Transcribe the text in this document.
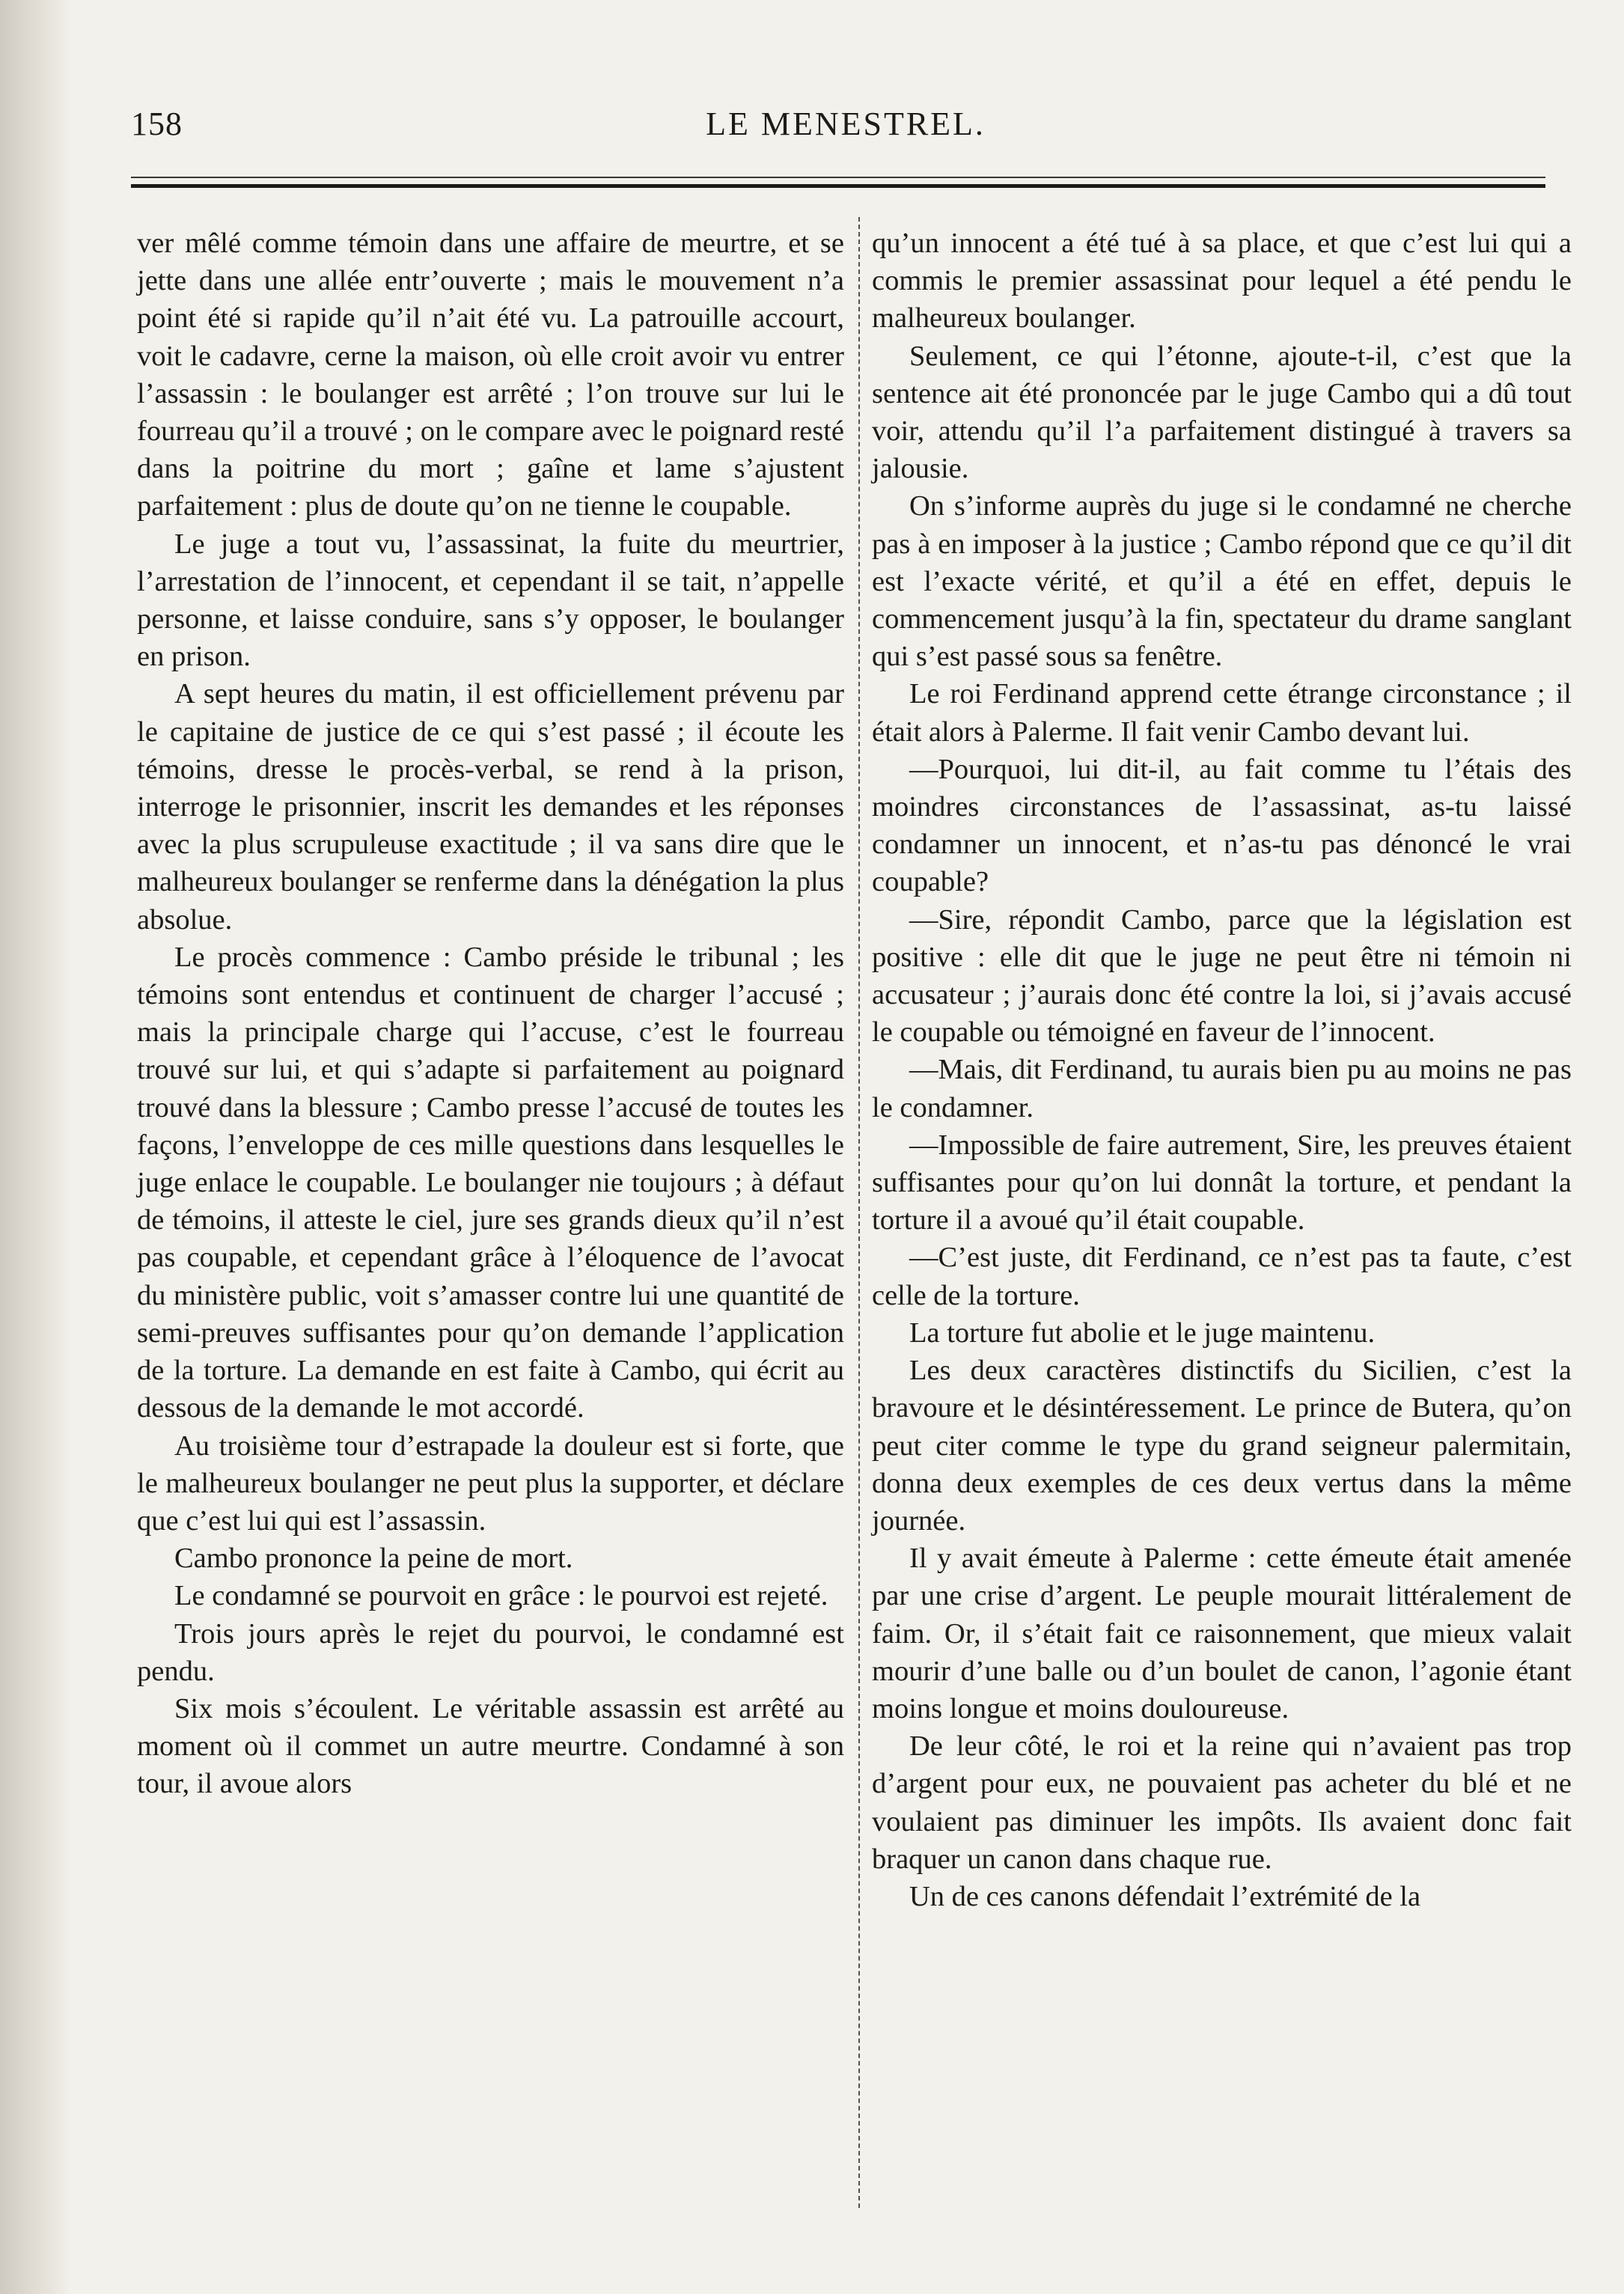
158	LE MENESTREL.

ver mêlé comme témoin dans une affaire de meurtre, et se jette dans une allée entr’ouverte ; mais le mouvement n’a point été si rapide qu’il n’ait été vu. La patrouille accourt, voit le cadavre, cerne la maison, où elle croit avoir vu entrer l’assassin : le boulanger est arrêté ; l’on trouve sur lui le fourreau qu’il a trouvé ; on le compare avec le poignard resté dans la poitrine du mort ; gaîne et lame s’ajustent parfaitement : plus de doute qu’on ne tienne le coupable.

Le juge a tout vu, l’assassinat, la fuite du meurtrier, l’arrestation de l’innocent, et cependant il se tait, n’appelle personne, et laisse conduire, sans s’y opposer, le boulanger en prison.

A sept heures du matin, il est officiellement prévenu par le capitaine de justice de ce qui s’est passé ; il écoute les témoins, dresse le procès-verbal, se rend à la prison, interroge le prisonnier, inscrit les demandes et les réponses avec la plus scrupuleuse exactitude ; il va sans dire que le malheureux boulanger se renferme dans la dénégation la plus absolue.

Le procès commence : Cambo préside le tribunal ; les témoins sont entendus et continuent de charger l’accusé ; mais la principale charge qui l’accuse, c’est le fourreau trouvé sur lui, et qui s’adapte si parfaitement au poignard trouvé dans la blessure ; Cambo presse l’accusé de toutes les façons, l’enveloppe de ces mille questions dans lesquelles le juge enlace le coupable. Le boulanger nie toujours ; à défaut de témoins, il atteste le ciel, jure ses grands dieux qu’il n’est pas coupable, et cependant grâce à l’éloquence de l’avocat du ministère public, voit s’amasser contre lui une quantité de semi-preuves suffisantes pour qu’on demande l’application de la torture. La demande en est faite à Cambo, qui écrit au dessous de la demande le mot accordé.

Au troisième tour d’estrapade la douleur est si forte, que le malheureux boulanger ne peut plus la supporter, et déclare que c’est lui qui est l’assassin.

Cambo prononce la peine de mort.

Le condamné se pourvoit en grâce : le pourvoi est rejeté.

Trois jours après le rejet du pourvoi, le condamné est pendu.

Six mois s’écoulent. Le véritable assassin est arrêté au moment où il commet un autre meurtre. Condamné à son tour, il avoue alors

qu’un innocent a été tué à sa place, et que c’est lui qui a commis le premier assassinat pour lequel a été pendu le malheureux boulanger.

Seulement, ce qui l’étonne, ajoute-t-il, c’est que la sentence ait été prononcée par le juge Cambo qui a dû tout voir, attendu qu’il l’a parfaitement distingué à travers sa jalousie.

On s’informe auprès du juge si le condamné ne cherche pas à en imposer à la justice ; Cambo répond que ce qu’il dit est l’exacte vérité, et qu’il a été en effet, depuis le commencement jusqu’à la fin, spectateur du drame sanglant qui s’est passé sous sa fenêtre.

Le roi Ferdinand apprend cette étrange circonstance ; il était alors à Palerme. Il fait venir Cambo devant lui.

—Pourquoi, lui dit-il, au fait comme tu l’étais des moindres circonstances de l’assassinat, as-tu laissé condamner un innocent, et n’as-tu pas dénoncé le vrai coupable?

—Sire, répondit Cambo, parce que la législation est positive : elle dit que le juge ne peut être ni témoin ni accusateur ; j’aurais donc été contre la loi, si j’avais accusé le coupable ou témoigné en faveur de l’innocent.

—Mais, dit Ferdinand, tu aurais bien pu au moins ne pas le condamner.

—Impossible de faire autrement, Sire, les preuves étaient suffisantes pour qu’on lui donnât la torture, et pendant la torture il a avoué qu’il était coupable.

—C’est juste, dit Ferdinand, ce n’est pas ta faute, c’est celle de la torture.

La torture fut abolie et le juge maintenu.

Les deux caractères distinctifs du Sicilien, c’est la bravoure et le désintéressement. Le prince de Butera, qu’on peut citer comme le type du grand seigneur palermitain, donna deux exemples de ces deux vertus dans la même journée.

Il y avait émeute à Palerme : cette émeute était amenée par une crise d’argent. Le peuple mourait littéralement de faim. Or, il s’était fait ce raisonnement, que mieux valait mourir d’une balle ou d’un boulet de canon, l’agonie étant moins longue et moins douloureuse.

De leur côté, le roi et la reine qui n’avaient pas trop d’argent pour eux, ne pouvaient pas acheter du blé et ne voulaient pas diminuer les impôts. Ils avaient donc fait braquer un canon dans chaque rue.

Un de ces canons défendait l’extrémité de la
